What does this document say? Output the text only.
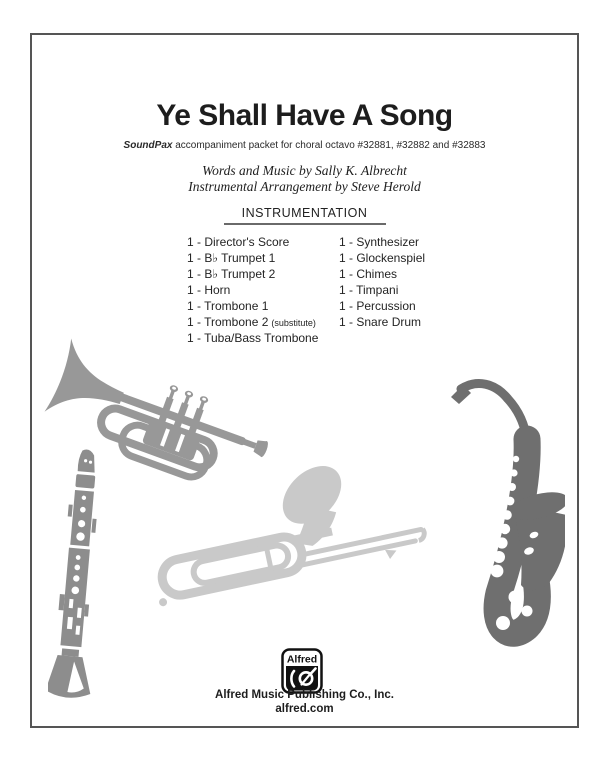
Ye Shall Have A Song
SoundPax accompaniment packet for choral octavo #32881, #32882 and #32883
Words and Music by Sally K. Albrecht
Instrumental Arrangement by Steve Herold
INSTRUMENTATION
1 - Director's Score
1 - B♭ Trumpet 1
1 - B♭ Trumpet 2
1 - Horn
1 - Trombone 1
1 - Trombone 2 (substitute)
1 - Tuba/Bass Trombone
1 - Synthesizer
1 - Glockenspiel
1 - Chimes
1 - Timpani
1 - Percussion
1 - Snare Drum
Alfred
Alfred Music Publishing Co., Inc.
alfred.com
